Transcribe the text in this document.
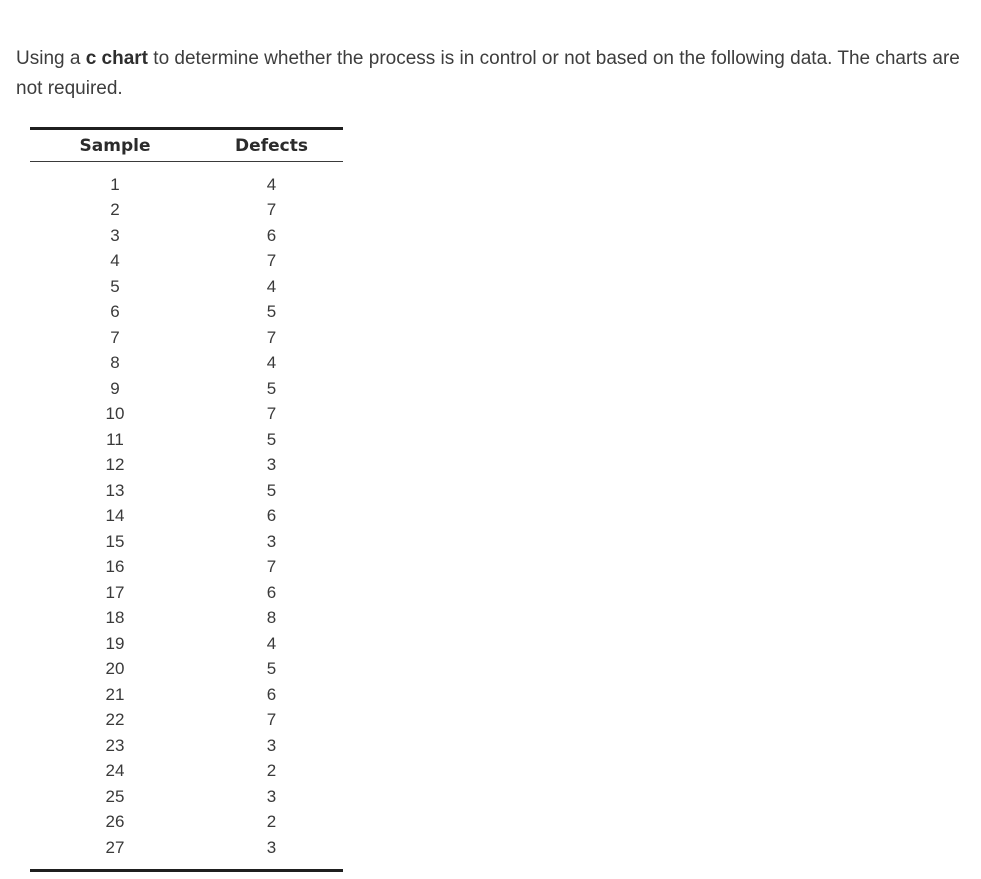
Using a c chart to determine whether the process is in control or not based on the following data. The charts are not required.
Sample	Defects
1	4
2	7
3	6
4	7
5	4
6	5
7	7
8	4
9	5
10	7
11	5
12	3
13	5
14	6
15	3
16	7
17	6
18	8
19	4
20	5
21	6
22	7
23	3
24	2
25	3
26	2
27	3
